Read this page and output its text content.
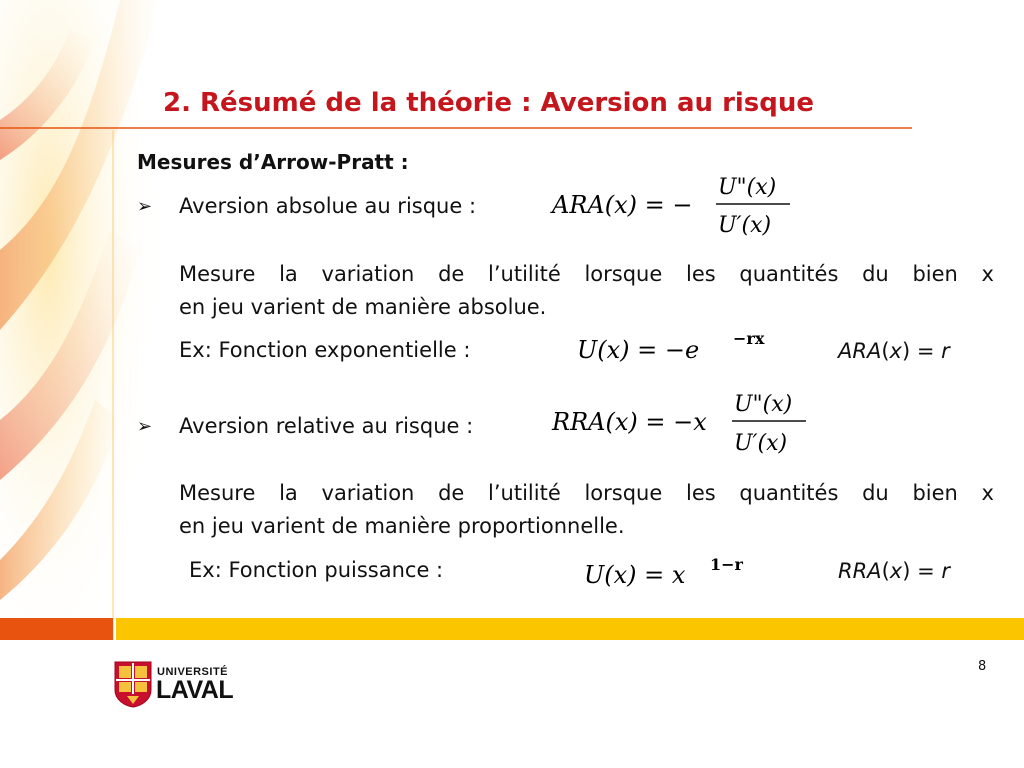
2. Résumé de la théorie : Aversion au risque
Mesures d’Arrow-Pratt :
➢ Aversion absolue au risque :	ARA(x) = −
U"(x)
U′(x)
Mesure la variation de l’utilité lorsque les quantités du bien x
en jeu varient de manière absolue.
Ex: Fonction exponentielle :	U(x) = −e −rx
ARA(x) = r
➢ Aversion relative au risque :	RRA(x) = −x
U"(x)
U′(x)
Mesure la variation de l’utilité lorsque les quantités du bien x
en jeu varient de manière proportionnelle.
Ex: Fonction puissance :	U(x) = x 1−r	RRA(x) = r
UNIVERSITÉ
LAVAL
8
